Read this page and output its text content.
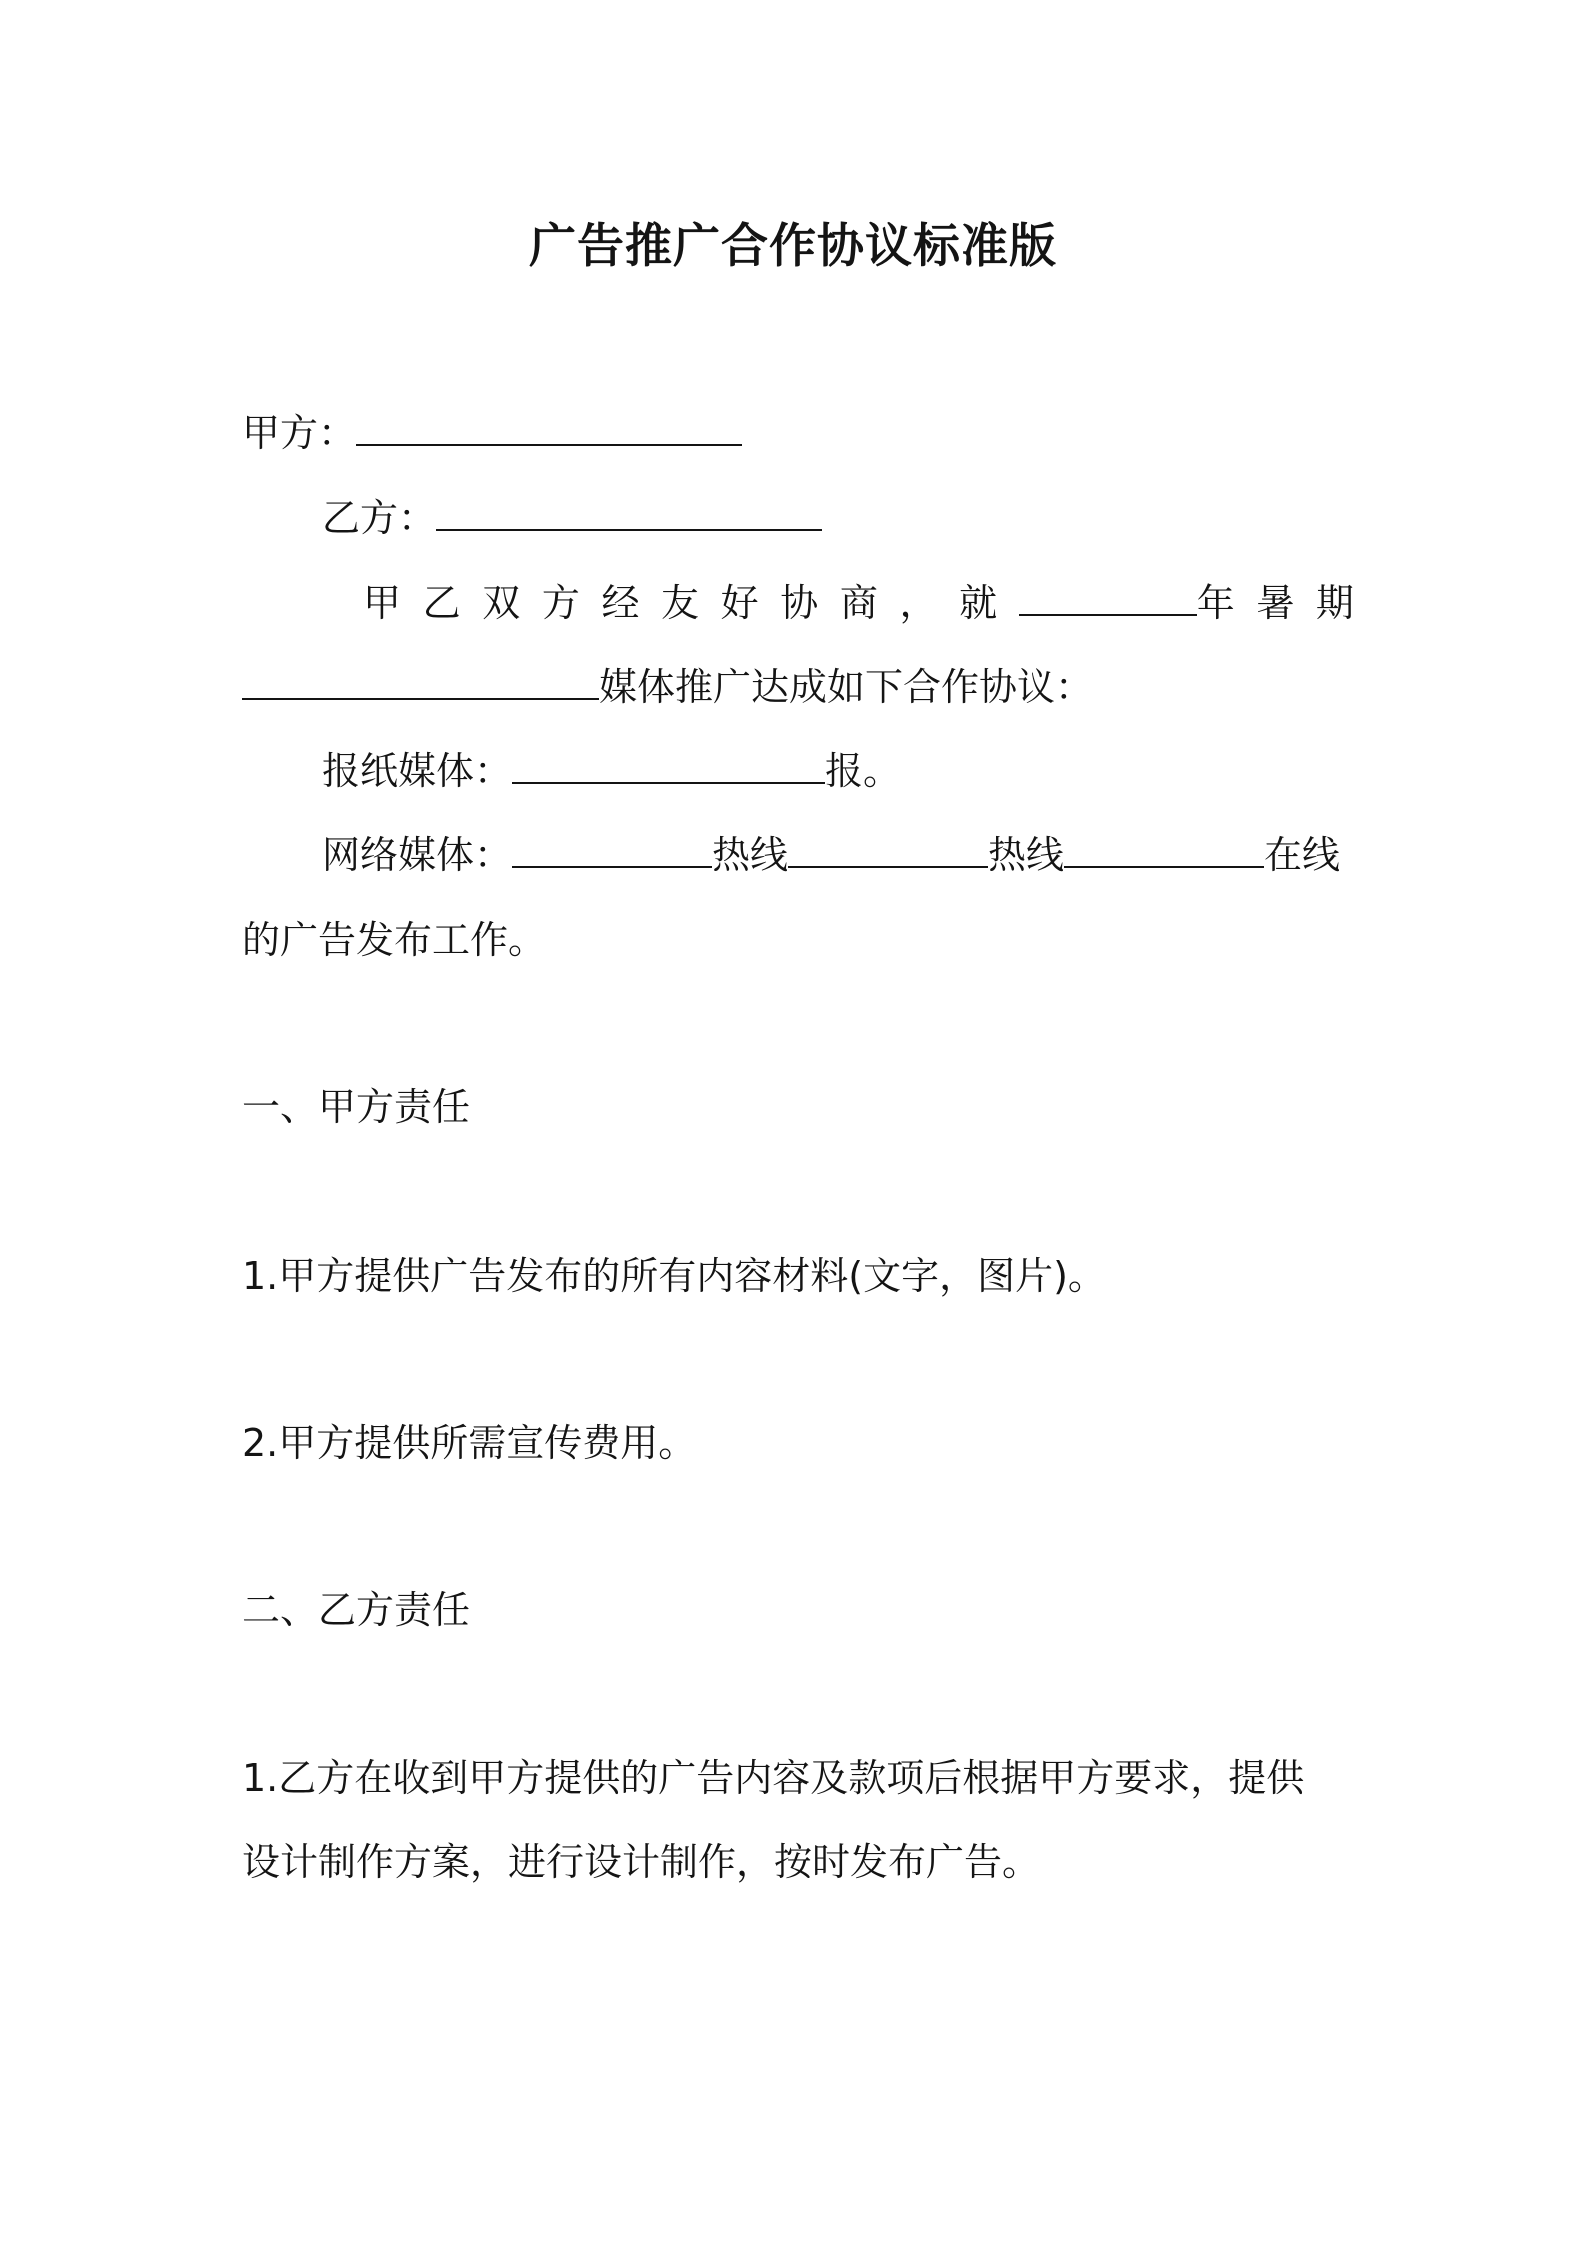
广告推广合作协议标准版
甲方：
乙方：
甲 乙 双 方 经 友 好 协 商 ， 就	年 暑 期
媒体推广达成如下合作协议：
报纸媒体：	报。
网络媒体：	热线	热线	在线
的广告发布工作。
一、甲方责任
1.甲方提供广告发布的所有内容材料(文字，图片)。
2.甲方提供所需宣传费用。
二、乙方责任
1.乙方在收到甲方提供的广告内容及款项后根据甲方要求，提供
设计制作方案，进行设计制作，按时发布广告。
